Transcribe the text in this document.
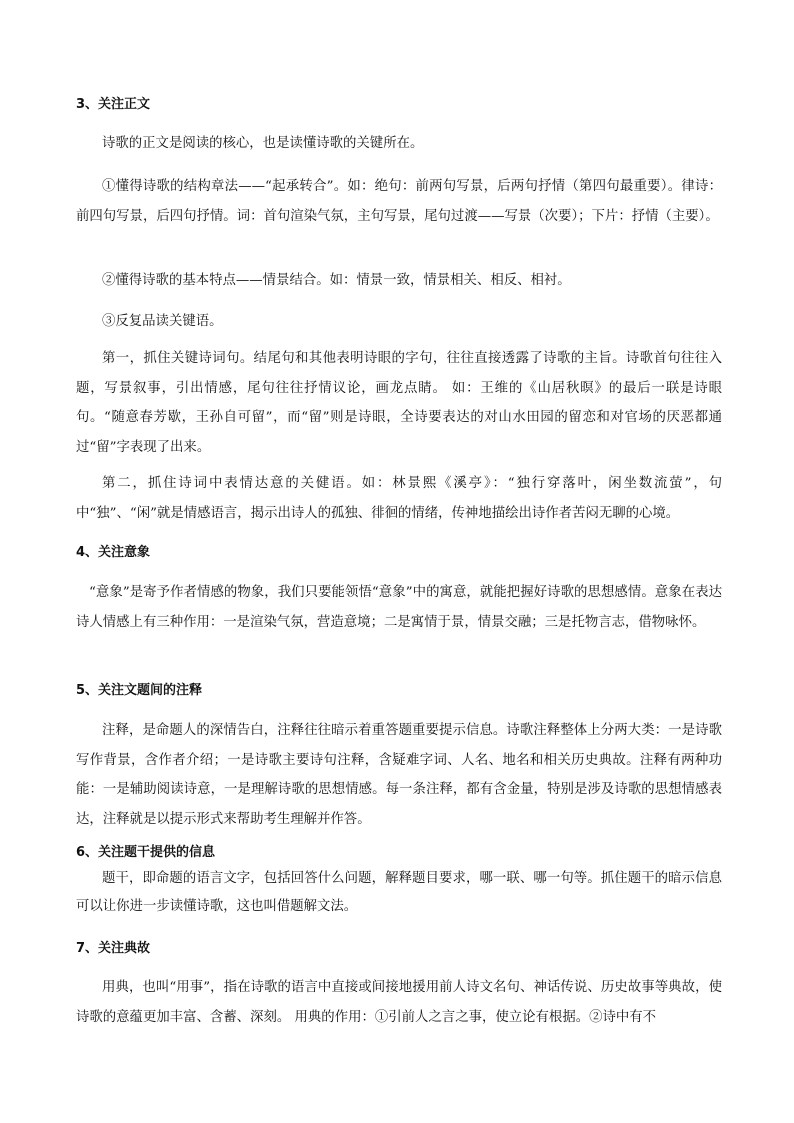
3、关注正文
诗歌的正文是阅读的核心，也是读懂诗歌的关键所在。
①懂得诗歌的结构章法——“起承转合”。如：绝句：前两句写景，后两句抒情（第四句最重要）。律诗：前四句写景，后四句抒情。词：首句渲染气氛，主句写景，尾句过渡——写景（次要）；下片：抒情（主要）。
②懂得诗歌的基本特点——情景结合。如：情景一致，情景相关、相反、相衬。
③反复品读关键语。
第一，抓住关键诗词句。结尾句和其他表明诗眼的字句，往往直接透露了诗歌的主旨。诗歌首句往往入题，写景叙事，引出情感，尾句往往抒情议论，画龙点睛。 如：王维的《山居秋暝》的最后一联是诗眼句。“随意春芳歇，王孙自可留”，而“留”则是诗眼，全诗要表达的对山水田园的留恋和对官场的厌恶都通过“留”字表现了出来。
第二，抓住诗词中表情达意的关健语。如：林景熙《溪亭》：“独行穿落叶，闲坐数流萤”，句中“独”、“闲”就是情感语言，揭示出诗人的孤独、徘徊的情绪，传神地描绘出诗作者苦闷无聊的心境。
4、关注意象
“意象”是寄予作者情感的物象，我们只要能领悟“意象”中的寓意，就能把握好诗歌的思想感情。意象在表达诗人情感上有三种作用：一是渲染气氛，营造意境；二是寓情于景，情景交融；三是托物言志，借物咏怀。
5、关注文题间的注释
注释，是命题人的深情告白，注释往往暗示着重答题重要提示信息。诗歌注释整体上分两大类：一是诗歌写作背景，含作者介绍；一是诗歌主要诗句注释，含疑难字词、人名、地名和相关历史典故。注释有两种功能：一是辅助阅读诗意，一是理解诗歌的思想情感。每一条注释，都有含金量，特别是涉及诗歌的思想情感表达，注释就是以提示形式来帮助考生理解并作答。
6、关注题干提供的信息
题干，即命题的语言文字，包括回答什么问题，解释题目要求，哪一联、哪一句等。抓住题干的暗示信息可以让你进一步读懂诗歌，这也叫借题解文法。
7、关注典故
用典，也叫“用事”，指在诗歌的语言中直接或间接地援用前人诗文名句、神话传说、历史故事等典故，使诗歌的意蕴更加丰富、含蓄、深刻。 用典的作用：①引前人之言之事，使立论有根据。②诗中有不
